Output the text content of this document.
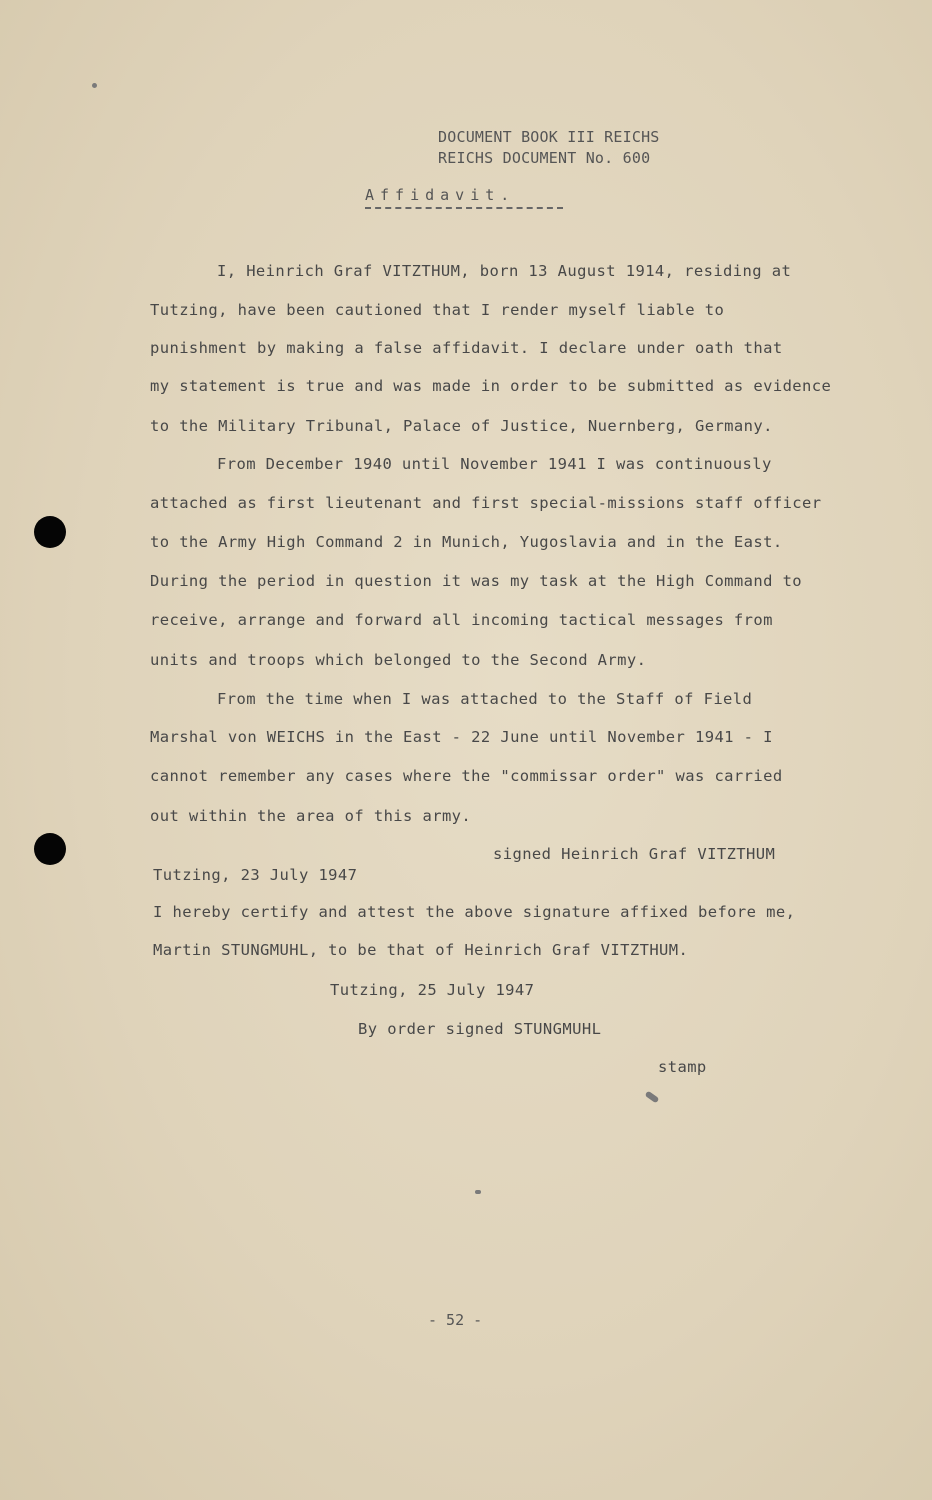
DOCUMENT BOOK III REICHS
REICHS DOCUMENT No. 600
Affidavit.
I, Heinrich Graf VITZTHUM, born 13 August 1914, residing at
Tutzing, have been cautioned that I render myself liable to
punishment by making a false affidavit. I declare under oath that
my statement is true and was made in order to be submitted as evidence
to the Military Tribunal, Palace of Justice, Nuernberg, Germany.
From December 1940 until November 1941 I was continuously
attached as first lieutenant and first special-missions staff officer
to the Army High Command 2 in Munich, Yugoslavia and in the East.
During the period in question it was my task at the High Command to
receive, arrange and forward all incoming tactical messages from
units and troops which belonged to the Second Army.
From the time when I was attached to the Staff of Field
Marshal von WEICHS in the East - 22 June until November 1941 - I
cannot remember any cases where the "commissar order" was carried
out within the area of this army.
signed Heinrich Graf VITZTHUM
Tutzing, 23 July 1947
I hereby certify and attest the above signature affixed before me,
Martin STUNGMUHL, to be that of Heinrich Graf VITZTHUM.
Tutzing, 25 July 1947
By order signed STUNGMUHL
stamp
- 52 -
